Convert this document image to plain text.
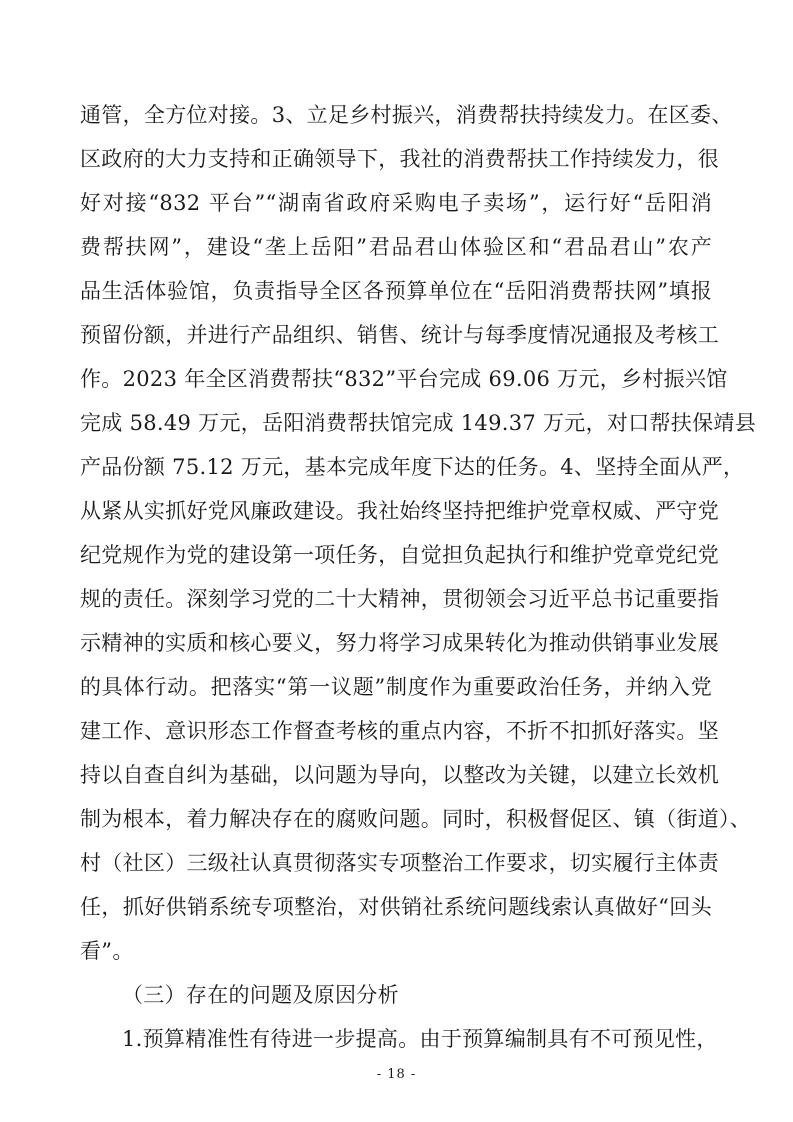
通管，全方位对接。3、立足乡村振兴，消费帮扶持续发力。在区委、
区政府的大力支持和正确领导下，我社的消费帮扶工作持续发力，很
好对接“832 平台”“湖南省政府采购电子卖场”，运行好“岳阳消
费帮扶网”，建设“垄上岳阳”君品君山体验区和“君品君山”农产
品生活体验馆，负责指导全区各预算单位在“岳阳消费帮扶网”填报
预留份额，并进行产品组织、销售、统计与每季度情况通报及考核工
作。2023 年全区消费帮扶“832”平台完成 69.06 万元，乡村振兴馆
完成 58.49 万元，岳阳消费帮扶馆完成 149.37 万元，对口帮扶保靖县
产品份额 75.12 万元，基本完成年度下达的任务。4、坚持全面从严，
从紧从实抓好党风廉政建设。我社始终坚持把维护党章权威、严守党
纪党规作为党的建设第一项任务，自觉担负起执行和维护党章党纪党
规的责任。深刻学习党的二十大精神，贯彻领会习近平总书记重要指
示精神的实质和核心要义，努力将学习成果转化为推动供销事业发展
的具体行动。把落实“第一议题”制度作为重要政治任务，并纳入党
建工作、意识形态工作督查考核的重点内容，不折不扣抓好落实。坚
持以自查自纠为基础，以问题为导向，以整改为关键，以建立长效机
制为根本，着力解决存在的腐败问题。同时，积极督促区、镇（街道）、
村（社区）三级社认真贯彻落实专项整治工作要求，切实履行主体责
任，抓好供销系统专项整治，对供销社系统问题线索认真做好“回头
看”。
（三）存在的问题及原因分析
1.预算精准性有待进一步提高。由于预算编制具有不可预见性，
- 18 -
